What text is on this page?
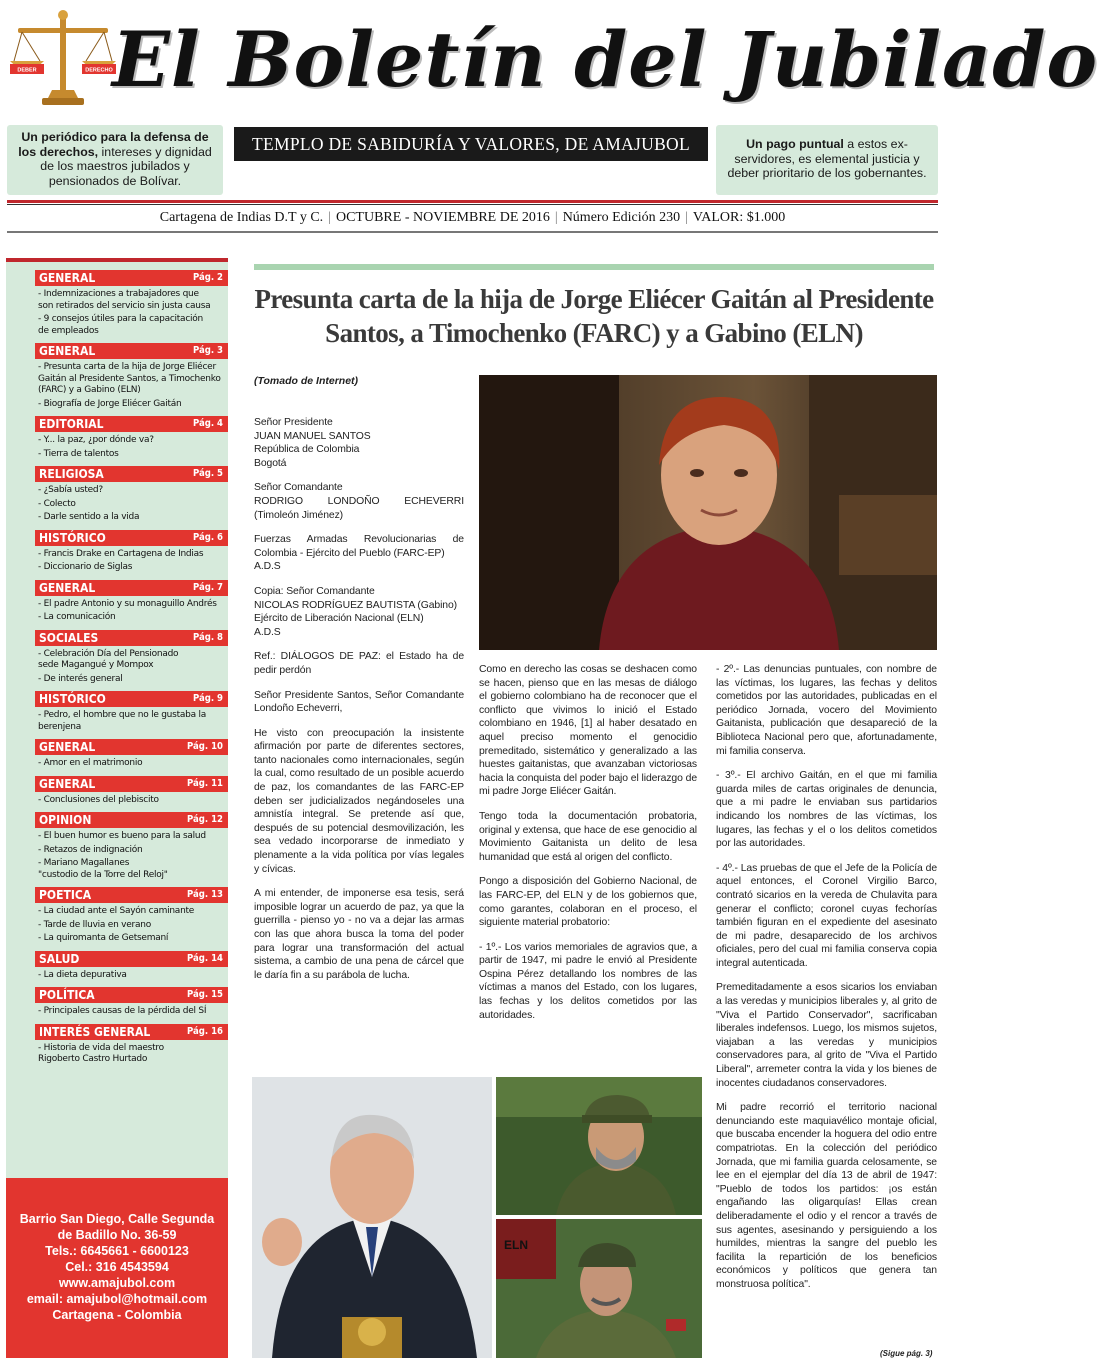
DEBER	DERECHO El Boletín del Jubilado
Un periódico para la defensa de los derechos, intereses y dignidad de los maestros jubilados y pensionados de Bolívar.
TEMPLO DE SABIDURÍA Y VALORES, DE AMAJUBOL	Un pago puntual a estos ex-servidores, es elemental justicia y deber prioritario de los gobernantes.
Cartagena de Indias D.T y C. | OCTUBRE - NOVIEMBRE DE 2016 | Número Edición 230 | VALOR: $1.000
GENERAL	Pág. 2
- Indemnizaciones a trabajadores que
son retirados del servicio sin justa causa
- 9 consejos útiles para la capacitación
de empleados
GENERAL	Pág. 3
- Presunta carta de la hija de Jorge Eliécer
Gaitán al Presidente Santos, a Timochenko
(FARC) y a Gabino (ELN)
- Biografía de Jorge Eliécer Gaitán
EDITORIAL	Pág. 4
- Y... la paz, ¿por dónde va?
- Tierra de talentos
RELIGIOSA	Pág. 5
- ¿Sabía usted?
- Colecto
- Darle sentido a la vida
HISTÓRICO	Pág. 6
- Francis Drake en Cartagena de Indias
- Diccionario de Siglas
GENERAL	Pág. 7
- El padre Antonio y su monaguillo Andrés
- La comunicación
SOCIALES	Pág. 8
- Celebración Día del Pensionado
sede Magangué y Mompox
- De interés general
HISTÓRICO	Pág. 9
- Pedro, el hombre que no le gustaba la
berenjena
GENERAL	Pág. 10
- Amor en el matrimonio
GENERAL	Pág. 11
- Conclusiones del plebiscito
OPINION	Pág. 12
- El buen humor es bueno para la salud
- Retazos de indignación
- Mariano Magallanes
"custodio de la Torre del Reloj"
POETICA	Pág. 13
- La ciudad ante el Sayón caminante
- Tarde de lluvia en verano
- La quiromanta de Getsemaní
SALUD	Pág. 14
- La dieta depurativa
POLÍTICA	Pág. 15
- Principales causas de la pérdida del SÍ
INTERÉS GENERAL	Pág. 16
- Historia de vida del maestro
Rigoberto Castro Hurtado
Barrio San Diego, Calle Segunda
de Badillo No. 36-59
Tels.: 6645661 - 6600123
Cel.: 316 4543594
www.amajubol.com
email: amajubol@hotmail.com
Cartagena - Colombia
Presunta carta de la hija de Jorge Eliécer Gaitán al Presidente Santos, a Timochenko (FARC) y a Gabino (ELN)
(Tomado de Internet)

Señor Presidente
JUAN MANUEL SANTOS
República de Colombia
Bogotá

Señor Comandante
RODRIGO LONDOÑO ECHEVERRI (Timoleón Jiménez)

Fuerzas Armadas Revolucionarias de Colombia - Ejército del Pueblo (FARC-EP)
A.D.S

Copia: Señor Comandante
NICOLAS RODRÍGUEZ BAUTISTA (Gabino)
Ejército de Liberación Nacional (ELN)
A.D.S

Ref.: DIÁLOGOS DE PAZ: el Estado ha de pedir perdón

Señor Presidente Santos, Señor Comandante Londoño Echeverri,

He visto con preocupación la insistente afirmación por parte de diferentes sectores, tanto nacionales como internacionales, según la cual, como resultado de un posible acuerdo de paz, los comandantes de las FARC-EP deben ser judicializados negándoseles una amnistía integral. Se pretende así que, después de su potencial desmovilización, les sea vedado incorporarse de inmediato y plenamente a la vida política por vías legales y cívicas.

A mi entender, de imponerse esa tesis, será imposible lograr un acuerdo de paz, ya que la guerrilla - pienso yo - no va a dejar las armas con las que ahora busca la toma del poder para lograr una transformación del actual sistema, a cambio de una pena de cárcel que le daría fin a su parábola de lucha.

Como en derecho las cosas se deshacen como se hacen, pienso que en las mesas de diálogo el gobierno colombiano ha de reconocer que el conflicto que vivimos lo inició el Estado colombiano en 1946, [1] al haber desatado en aquel preciso momento el genocidio premeditado, sistemático y generalizado a las huestes gaitanistas, que avanzaban victoriosas hacia la conquista del poder bajo el liderazgo de mi padre Jorge Eliécer Gaitán.

Tengo toda la documentación probatoria, original y extensa, que hace de ese genocidio al Movimiento Gaitanista un delito de lesa humanidad que está al origen del conflicto.

Pongo a disposición del Gobierno Nacional, de las FARC-EP, del ELN y de los gobiernos que, como garantes, colaboran en el proceso, el siguiente material probatorio:

- 1º.- Los varios memoriales de agravios que, a partir de 1947, mi padre le envió al Presidente Ospina Pérez detallando los nombres de las víctimas a manos del Estado, con los lugares, las fechas y los delitos cometidos por las autoridades.

- 2º.- Las denuncias puntuales, con nombre de las víctimas, los lugares, las fechas y delitos cometidos por las autoridades, publicadas en el periódico Jornada, vocero del Movimiento Gaitanista, publicación que desapareció de la Biblioteca Nacional pero que, afortunadamente, mi familia conserva.

- 3º.- El archivo Gaitán, en el que mi familia guarda miles de cartas originales de denuncia, que a mi padre le enviaban sus partidarios indicando los nombres de las víctimas, los lugares, las fechas y el o los delitos cometidos por las autoridades.

- 4º.- Las pruebas de que el Jefe de la Policía de aquel entonces, el Coronel Virgilio Barco, contrató sicarios en la vereda de Chulavita para generar el conflicto; coronel cuyas fechorías también figuran en el expediente del asesinato de mi padre, desaparecido de los archivos oficiales, pero del cual mi familia conserva copia integral autenticada.

Premeditadamente a esos sicarios los enviaban a las veredas y municipios liberales y, al grito de "Viva el Partido Conservador", sacrificaban liberales indefensos. Luego, los mismos sujetos, viajaban a las veredas y municipios conservadores para, al grito de "Viva el Partido Liberal", arremeter contra la vida y los bienes de inocentes ciudadanos conservadores.

Mi padre recorrió el territorio nacional denunciando este maquiavélico montaje oficial, que buscaba encender la hoguera del odio entre compatriotas. En la colección del periódico Jornada, que mi familia guarda celosamente, se lee en el ejemplar del día 13 de abril de 1947: "Pueblo de todos los partidos: ¡os están engañando las oligarquías! Ellas crean deliberadamente el odio y el rencor a través de sus agentes, asesinando y persiguiendo a los humildes, mientras la sangre del pueblo les facilita la repartición de los beneficios económicos y políticos que genera tan monstruosa política".

(Sigue pág. 3)
ELN
